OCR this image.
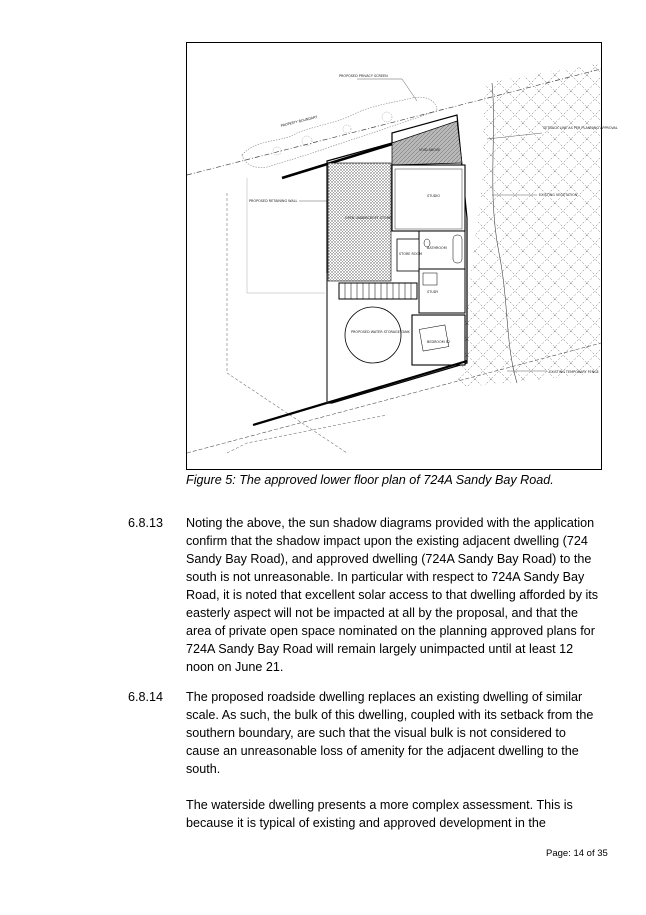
PROPOSED PRIVACY SCREEN
PROPERTY BOUNDARY
SETBACK LINE AS PER PLANNING APPROVAL
PROPOSED RETAINING WALL
EXISTING VEGETATION
VOID ABOVE
STUDIO
OPEN UNDERCROFT STORE
BATHROOM
STORE ROOM
STUDY
PROPOSED WATER STORAGE TANK
BEDROOM 02
EXISTING TEMPORARY FENCE
Figure 5: The approved lower floor plan of 724A Sandy Bay Road.
6.8.13 Noting the above, the sun shadow diagrams provided with the application
confirm that the shadow impact upon the existing adjacent dwelling (724
Sandy Bay Road), and approved dwelling (724A Sandy Bay Road) to the
south is not unreasonable. In particular with respect to 724A Sandy Bay
Road, it is noted that excellent solar access to that dwelling afforded by its
easterly aspect will not be impacted at all by the proposal, and that the
area of private open space nominated on the planning approved plans for
724A Sandy Bay Road will remain largely unimpacted until at least 12
noon on June 21.
6.8.14 The proposed roadside dwelling replaces an existing dwelling of similar
scale. As such, the bulk of this dwelling, coupled with its setback from the
southern boundary, are such that the visual bulk is not considered to
cause an unreasonable loss of amenity for the adjacent dwelling to the
south.
The waterside dwelling presents a more complex assessment. This is
because it is typical of existing and approved development in the
Page: 14 of 35
